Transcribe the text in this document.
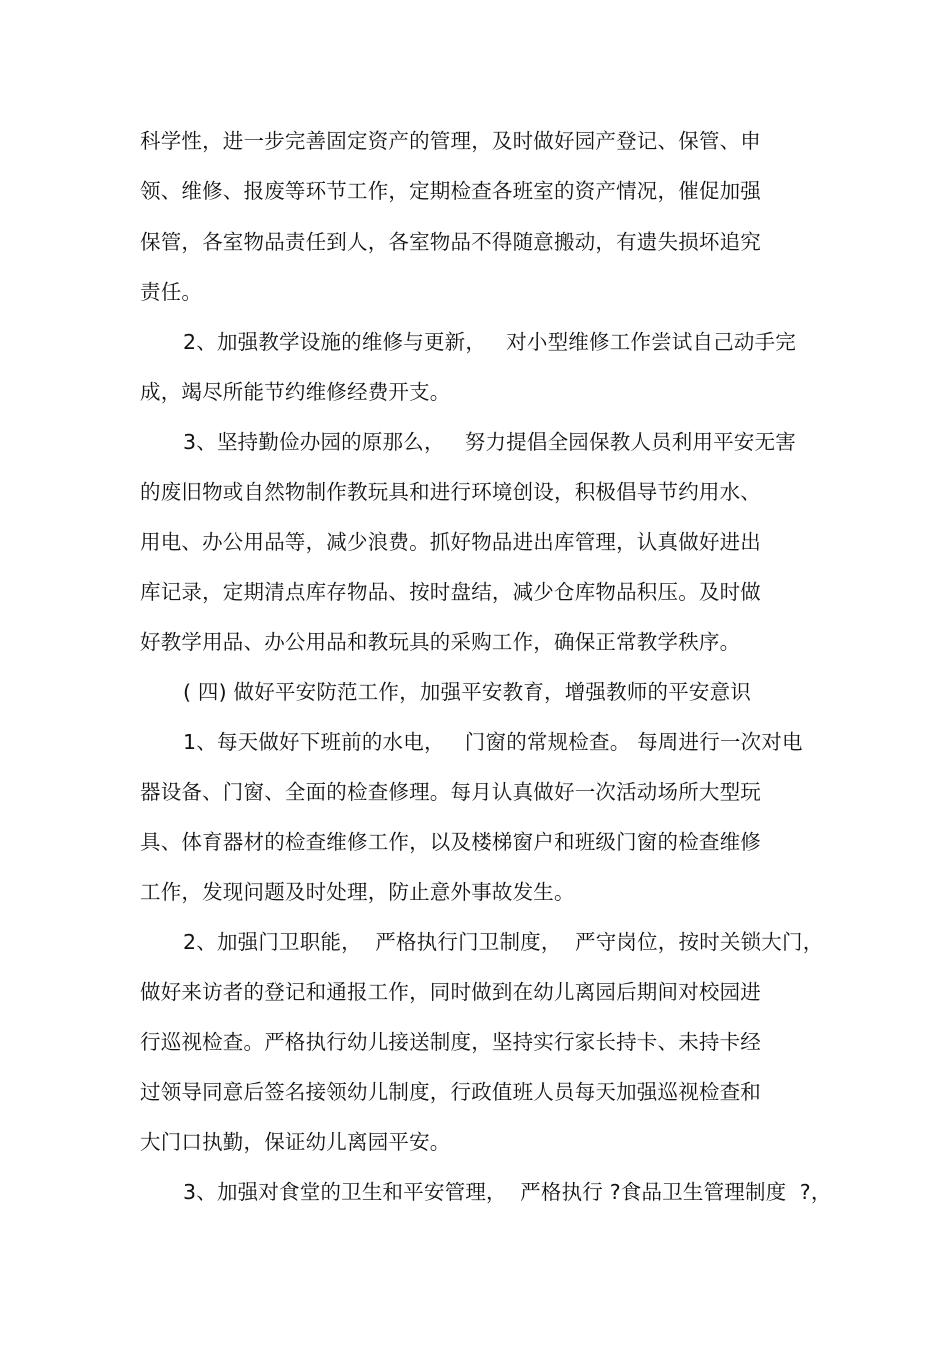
科学性，进一步完善固定资产的管理，及时做好园产登记、保管、申
领、维修、报废等环节工作，定期检查各班室的资产情况，催促加强
保管，各室物品责任到人，各室物品不得随意搬动，有遗失损坏追究
责任。
2、加强教学设施的维修与更新，   对小型维修工作尝试自己动手完
成，竭尽所能节约维修经费开支。
3、坚持勤俭办园的原那么，   努力提倡全园保教人员利用平安无害
的废旧物或自然物制作教玩具和进行环境创设，积极倡导节约用水、
用电、办公用品等，减少浪费。抓好物品进出库管理，认真做好进出
库记录，定期清点库存物品、按时盘结，减少仓库物品积压。及时做
好教学用品、办公用品和教玩具的采购工作，确保正常教学秩序。
( 四) 做好平安防范工作，加强平安教育，增强教师的平安意识
1、每天做好下班前的水电，   门窗的常规检查。 每周进行一次对电
器设备、门窗、全面的检查修理。每月认真做好一次活动场所大型玩
具、体育器材的检查维修工作，以及楼梯窗户和班级门窗的检查维修
工作，发现问题及时处理，防止意外事故发生。
2、加强门卫职能，  严格执行门卫制度，  严守岗位，按时关锁大门，
做好来访者的登记和通报工作，同时做到在幼儿离园后期间对校园进
行巡视检查。严格执行幼儿接送制度，坚持实行家长持卡、未持卡经
过领导同意后签名接领幼儿制度，行政值班人员每天加强巡视检查和
大门口执勤，保证幼儿离园平安。
3、加强对食堂的卫生和平安管理，  严格执行 ?食品卫生管理制度  ?，
